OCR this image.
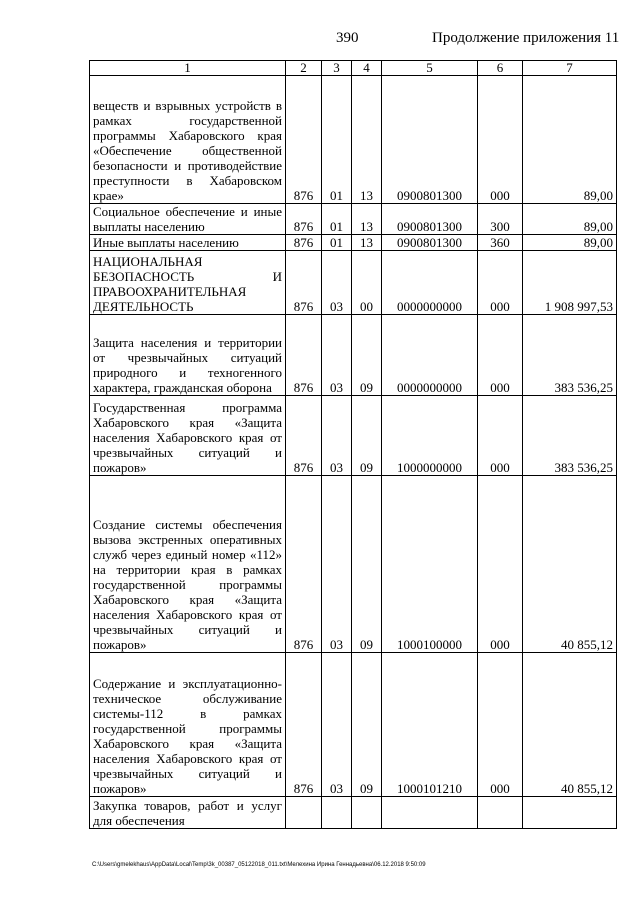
390	Продолжение приложения 11
1	2	3	4	5	6	7
веществ и взрывных устройств в рамках государственной программы Хабаровского края «Обеспечение общественной безопасности и противодействие преступности в Хабаровском крае»	876	01	13	0900801300	000	89,00
Социальное обеспечение и иные выплаты населению	876	01	13	0900801300	300	89,00
Иные выплаты населению	876	01	13	0900801300	360	89,00
НАЦИОНАЛЬНАЯ БЕЗОПАСНОСТЬ И ПРАВООХРАНИТЕЛЬНАЯ ДЕЯТЕЛЬНОСТЬ	876	03	00	0000000000	000	1 908 997,53
Защита населения и территории от чрезвычайных ситуаций природного и техногенного характера, гражданская оборона	876	03	09	0000000000	000	383 536,25
Государственная программа Хабаровского края «Защита населения Хабаровского края от чрезвычайных ситуаций и пожаров»	876	03	09	1000000000	000	383 536,25
Создание системы обеспечения вызова экстренных оперативных служб через единый номер «112» на территории края в рамках государственной программы Хабаровского края «Защита населения Хабаровского края от чрезвычайных ситуаций и пожаров»	876	03	09	1000100000	000	40 855,12
Содержание и эксплуатационно-техническое обслуживание системы-112 в рамках государственной программы Хабаровского края «Защита населения Хабаровского края от чрезвычайных ситуаций и пожаров»	876	03	09	1000101210	000	40 855,12
Закупка товаров, работ и услуг для обеспечения						
C:\Users\gmelekhaus\AppData\Local\Temp\3k_00387_05122018_011.txt\Мелехина Ирина Геннадьевна\06.12.2018 9:50:09
